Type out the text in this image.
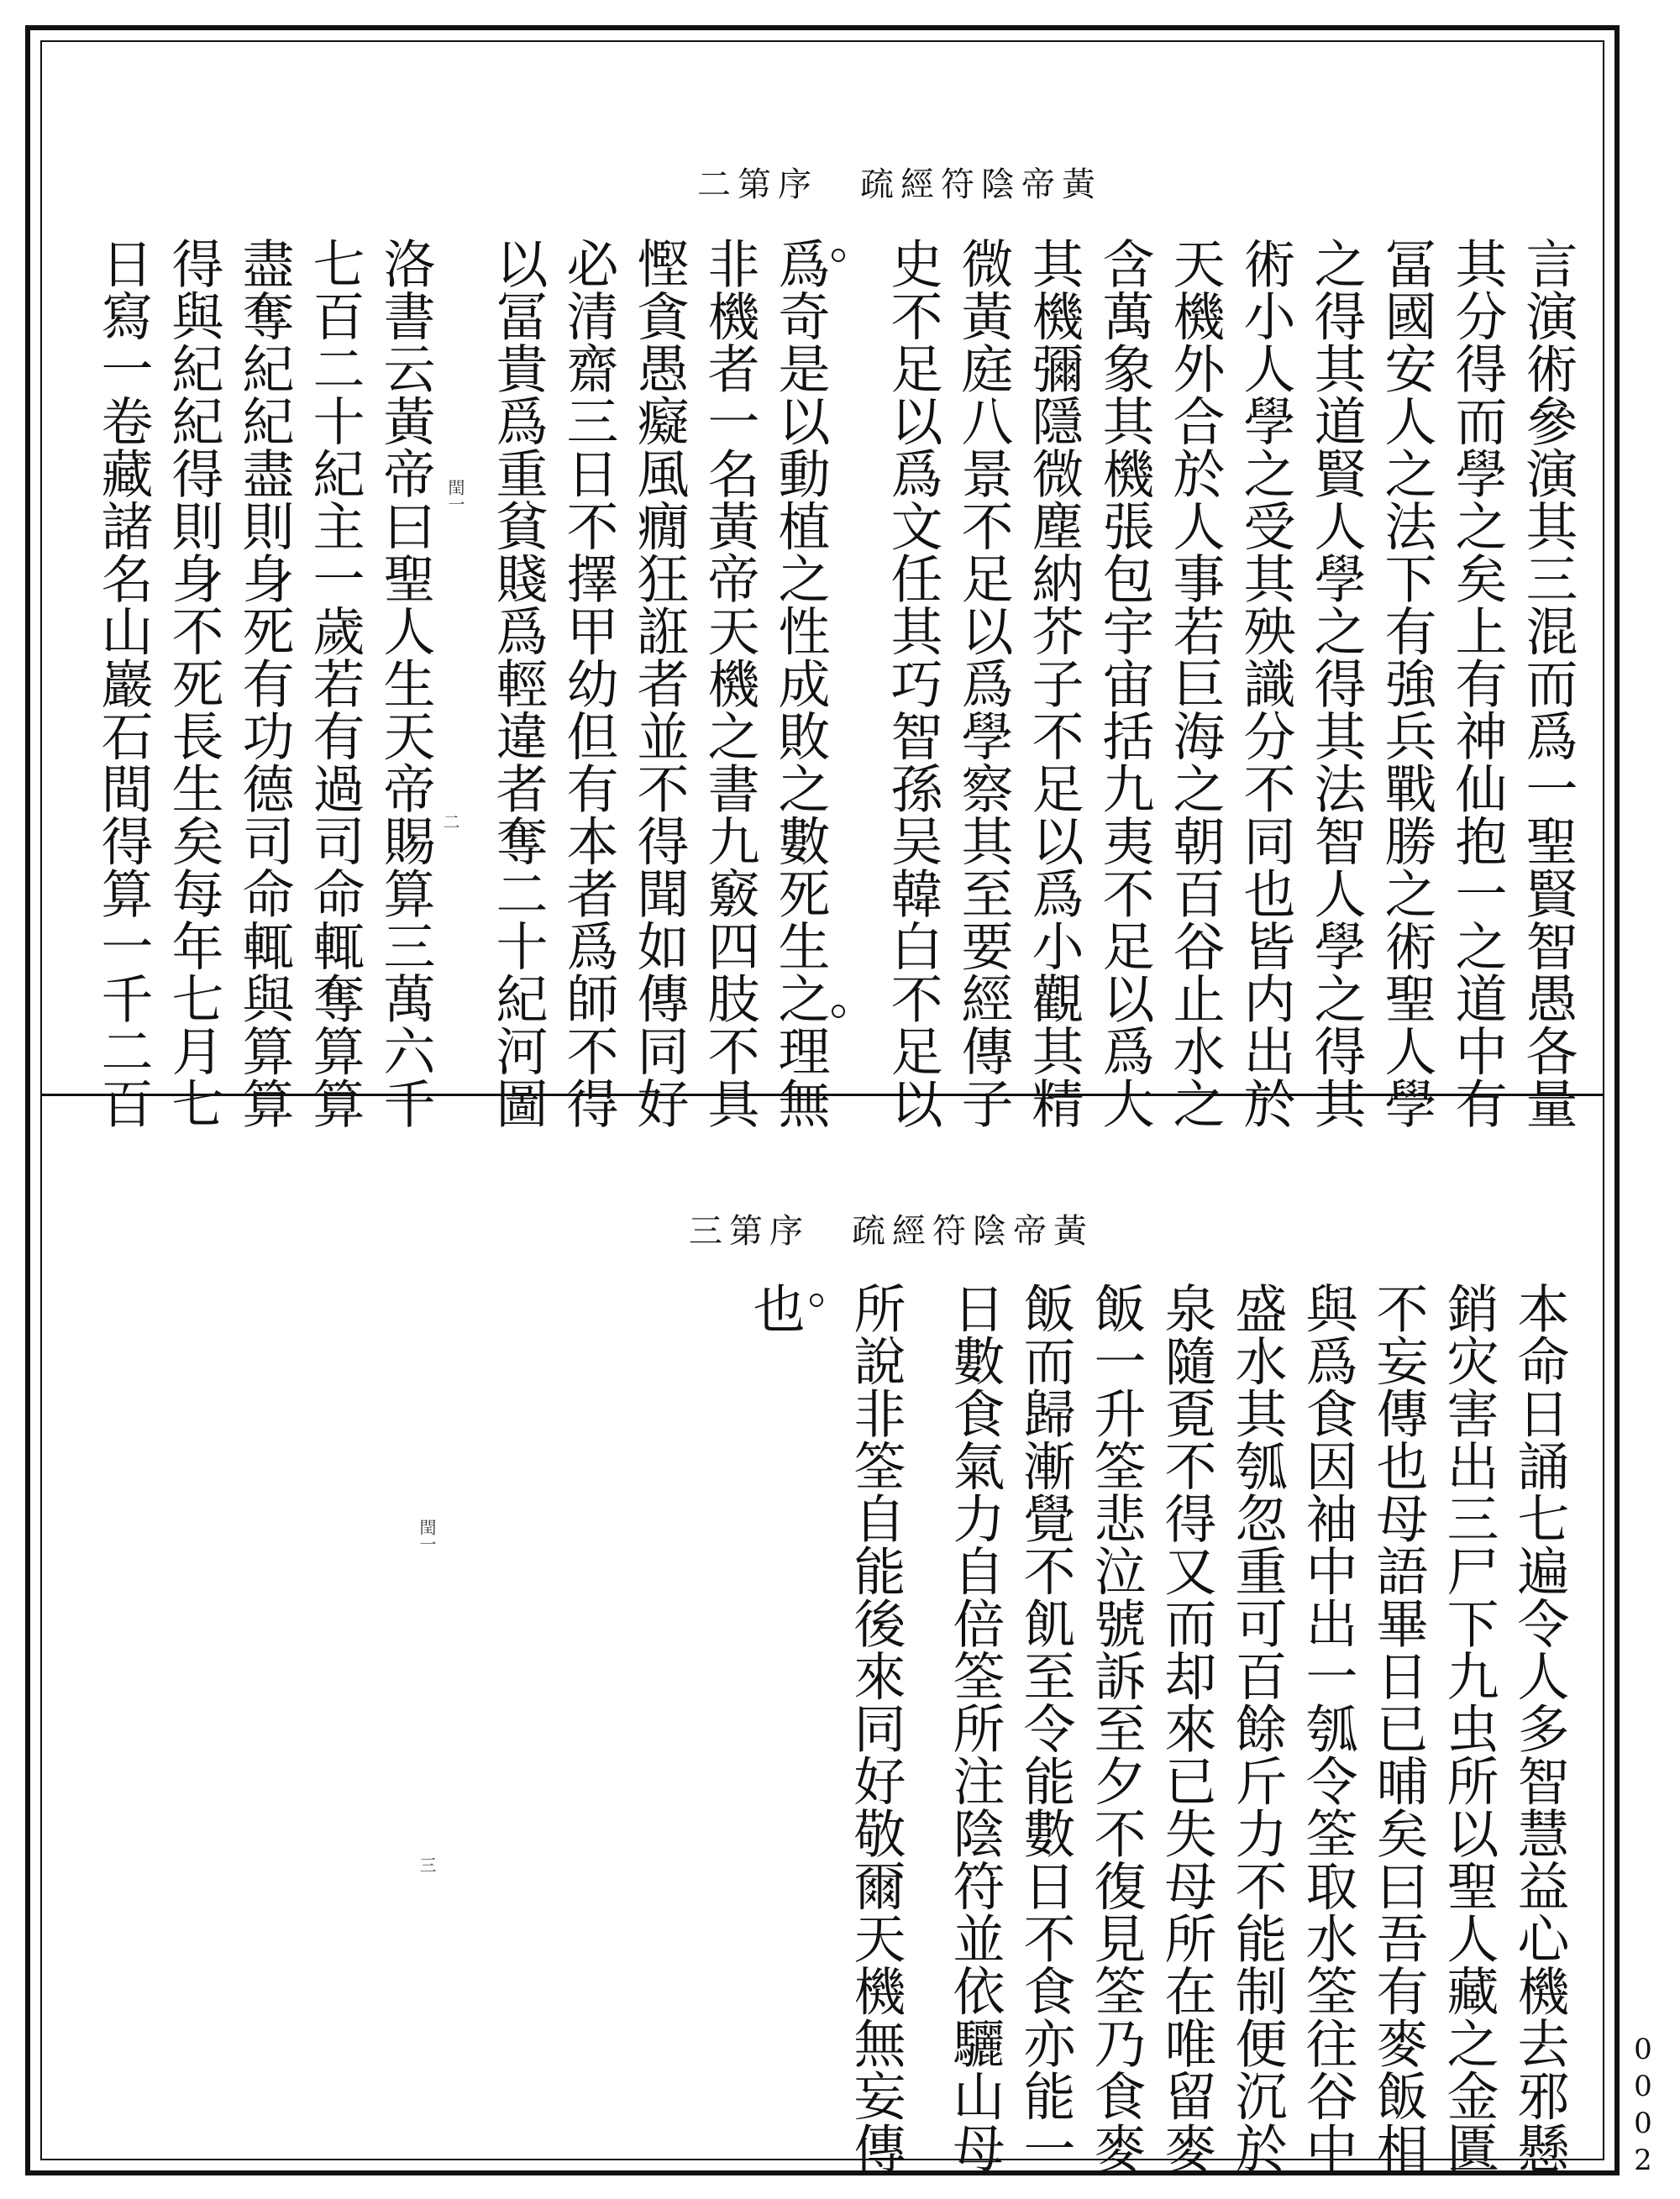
二第序 疏經符陰帝黃
言演術參演其三混而爲一聖賢智愚各量
其分得而學之矣上有神仙抱一之道中有
冨國安人之法下有強兵戰勝之術聖人學
之得其道賢人學之得其法智人學之得其
術小人學之受其殃識分不同也皆内出於
天機外合於人事若巨海之朝百谷止水之
含萬象其機張包宇宙括九夷不足以爲大
其機彌隱微塵納芥子不足以爲小觀其精
微黃庭八景不足以爲學察其至要經傳子
史不足以爲文任其巧智孫吴韓白不足以
爲奇是以動植之性成敗之數死生之理無
非機者一名黃帝天機之書九竅四肢不具
慳貪愚癡風癇狂誑者並不得聞如傳同好
必清齋三日不擇甲幼但有本者爲師不得
以冨貴爲重貧賤爲輕違者奪二十紀河圖
洛書云黃帝曰聖人生天帝賜算三萬六千
七百二十紀主一歲若有過司命輒奪算算
盡奪紀紀盡則身死有功德司命輒與算算
得與紀紀得則身不死長生矣每年七月七
日寫一卷藏諸名山巖石間得算一千二百	閏一
二
三第序 疏經符陰帝黃
本命日誦七遍令人多智慧益心機去邪懸
銷灾害出三尸下九虫所以聖人藏之金匱
不妄傳也母語畢日已晡矣曰吾有麥飯相
與爲食因袖中出一瓠令筌取水筌往谷中
盛水其瓠忽重可百餘斤力不能制便沉於
泉隨覔不得又而却來已失母所在唯留麥
飯一升筌悲泣號訴至夕不復見筌乃食麥
飯而歸漸覺不飢至令能數日不食亦能一
日數食氣力自倍筌所注陰符並依驪山母
所說非筌自能後來同好敬爾天機無妄傳
也
閏一
三
0002
